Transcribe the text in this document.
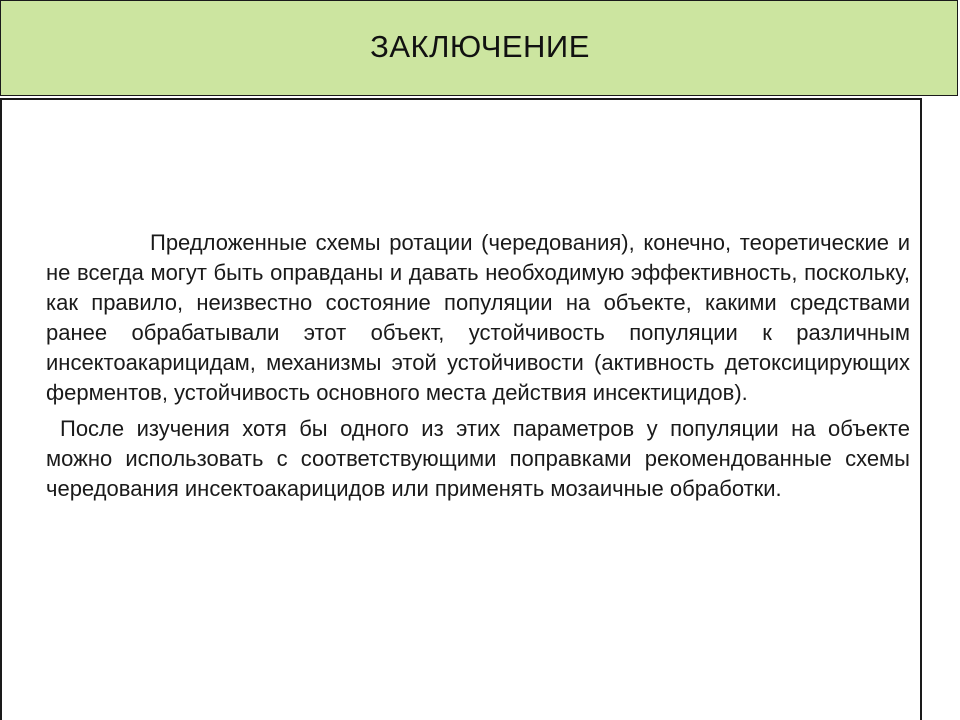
ЗАКЛЮЧЕНИЕ

Предложенные схемы ротации (чередования), конечно, теоретические и не всегда могут быть оправданы и давать необходимую эффективность, поскольку, как правило, неизвестно состояние популяции на объекте, какими средствами ранее обрабатывали этот объект, устойчивость популяции к различным инсектоакарицидам, механизмы этой устойчивости (активность детоксицирующих ферментов, устойчивость основного места действия инсектицидов).

После изучения хотя бы одного из этих параметров у популяции на объекте можно использовать с соответствующими поправками рекомендованные схемы чередования инсектоакарицидов или применять мозаичные обработки.
